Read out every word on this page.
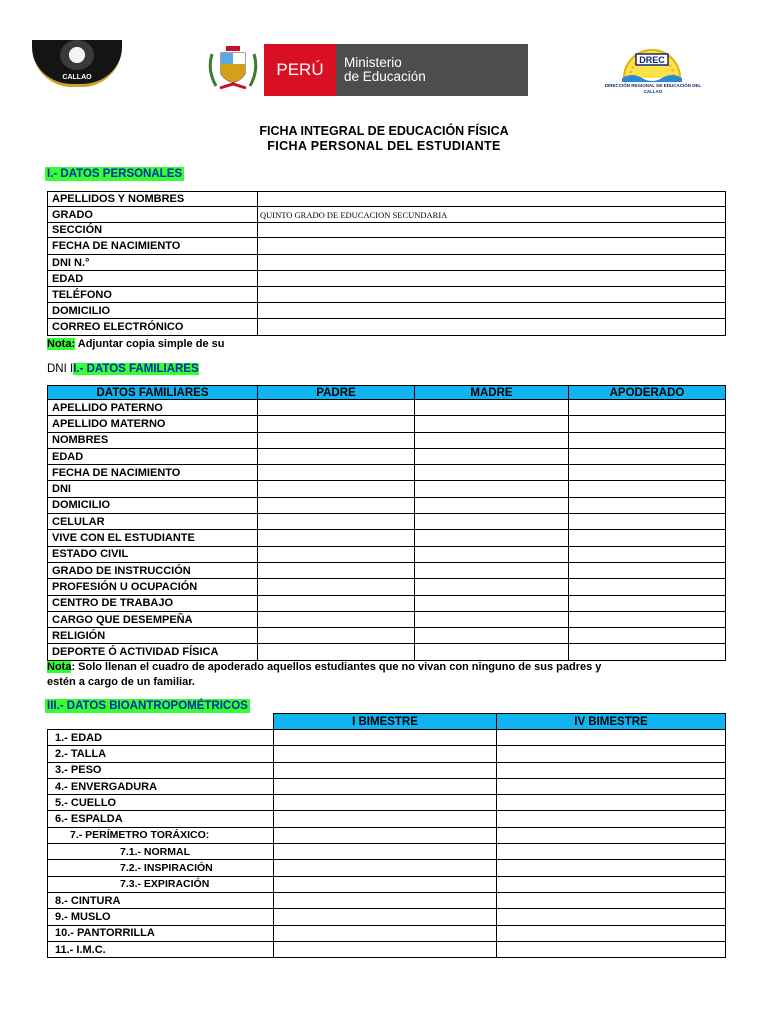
CALLAO	PERÚ Ministerio
de Educación
DREC
DIRECCIÓN REGIONAL DE EDUCACIÓN DEL CALLAO
FICHA INTEGRAL DE EDUCACIÓN FÍSICA
FICHA PERSONAL DEL ESTUDIANTE
I.- DATOS PERSONALES
APELLIDOS Y NOMBRES	
GRADO	QUINTO GRADO DE EDUCACION SECUNDARIA
SECCIÓN	
FECHA DE NACIMIENTO	
DNI N.°	
EDAD	
TELÉFONO	
DOMICILIO	
CORREO ELECTRÓNICO	
Nota: Adjuntar copia simple de su
DNI II.- DATOS FAMILIARES
DATOS FAMILIARES	PADRE	MADRE	APODERADO
APELLIDO PATERNO			
APELLIDO MATERNO			
NOMBRES			
EDAD			
FECHA DE NACIMIENTO			
DNI			
DOMICILIO			
CELULAR			
VIVE CON EL ESTUDIANTE			
ESTADO CIVIL			
GRADO DE INSTRUCCIÓN			
PROFESIÓN U OCUPACIÓN			
CENTRO DE TRABAJO			
CARGO QUE DESEMPEÑA			
RELIGIÓN			
DEPORTE Ó ACTIVIDAD FÍSICA			
Nota: Solo llenan el cuadro de apoderado aquellos estudiantes que no vivan con ninguno de sus padres y
estén a cargo de un familiar.
III.- DATOS BIOANTROPOMÉTRICOS
	I BIMESTRE	IV BIMESTRE
1.- EDAD		
2.- TALLA		
3.- PESO		
4.- ENVERGADURA		
5.- CUELLO		
6.- ESPALDA		
7.- PERÍMETRO TORÁXICO:		
7.1.- NORMAL		
7.2.- INSPIRACIÓN		
7.3.- EXPIRACIÓN		
8.- CINTURA		
9.- MUSLO		
10.- PANTORRILLA		
11.- I.M.C.		
